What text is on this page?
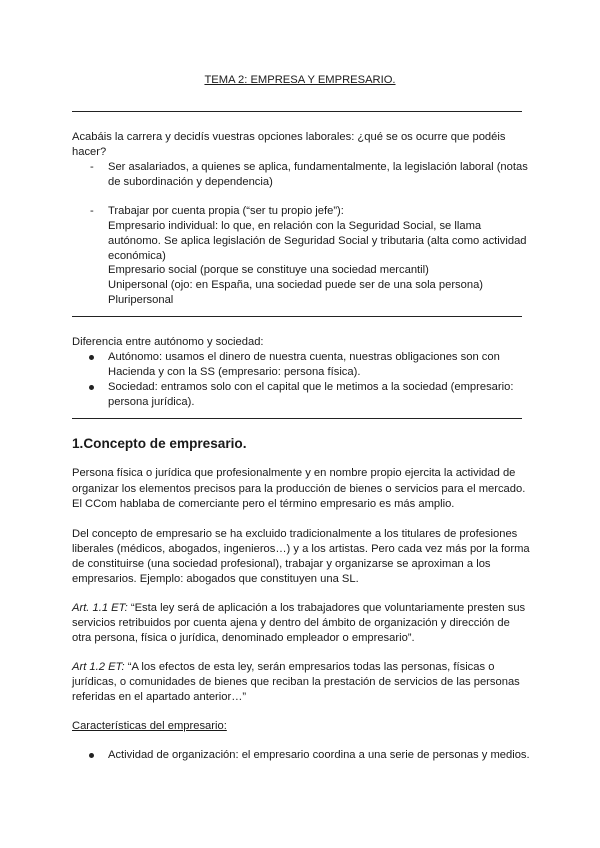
TEMA 2: EMPRESA Y EMPRESARIO.
Acabáis la carrera y decidís vuestras opciones laborales: ¿qué se os ocurre que podéis
hacer?
- Ser asalariados, a quienes se aplica, fundamentalmente, la legislación laboral (notas
de subordinación y dependencia)
- Trabajar por cuenta propia (“ser tu propio jefe”):
Empresario individual: lo que, en relación con la Seguridad Social, se llama
autónomo. Se aplica legislación de Seguridad Social y tributaria (alta como actividad
económica)
Empresario social (porque se constituye una sociedad mercantil)
Unipersonal (ojo: en España, una sociedad puede ser de una sola persona)
Pluripersonal
Diferencia entre autónomo y sociedad:
Autónomo: usamos el dinero de nuestra cuenta, nuestras obligaciones son con
Hacienda y con la SS (empresario: persona física).
Sociedad: entramos solo con el capital que le metimos a la sociedad (empresario:
persona jurídica).
1.Concepto de empresario.
Persona física o jurídica que profesionalmente y en nombre propio ejercita la actividad de
organizar los elementos precisos para la producción de bienes o servicios para el mercado.
El CCom hablaba de comerciante pero el término empresario es más amplio.
Del concepto de empresario se ha excluido tradicionalmente a los titulares de profesiones
liberales (médicos, abogados, ingenieros…) y a los artistas. Pero cada vez más por la forma
de constituirse (una sociedad profesional), trabajar y organizarse se aproximan a los
empresarios. Ejemplo: abogados que constituyen una SL.
Art. 1.1 ET: “Esta ley será de aplicación a los trabajadores que voluntariamente presten sus
servicios retribuidos por cuenta ajena y dentro del ámbito de organización y dirección de
otra persona, física o jurídica, denominado empleador o empresario”.
Art 1.2 ET: “A los efectos de esta ley, serán empresarios todas las personas, físicas o
jurídicas, o comunidades de bienes que reciban la prestación de servicios de las personas
referidas en el apartado anterior…”
Características del empresario:
Actividad de organización: el empresario coordina a una serie de personas y medios.
